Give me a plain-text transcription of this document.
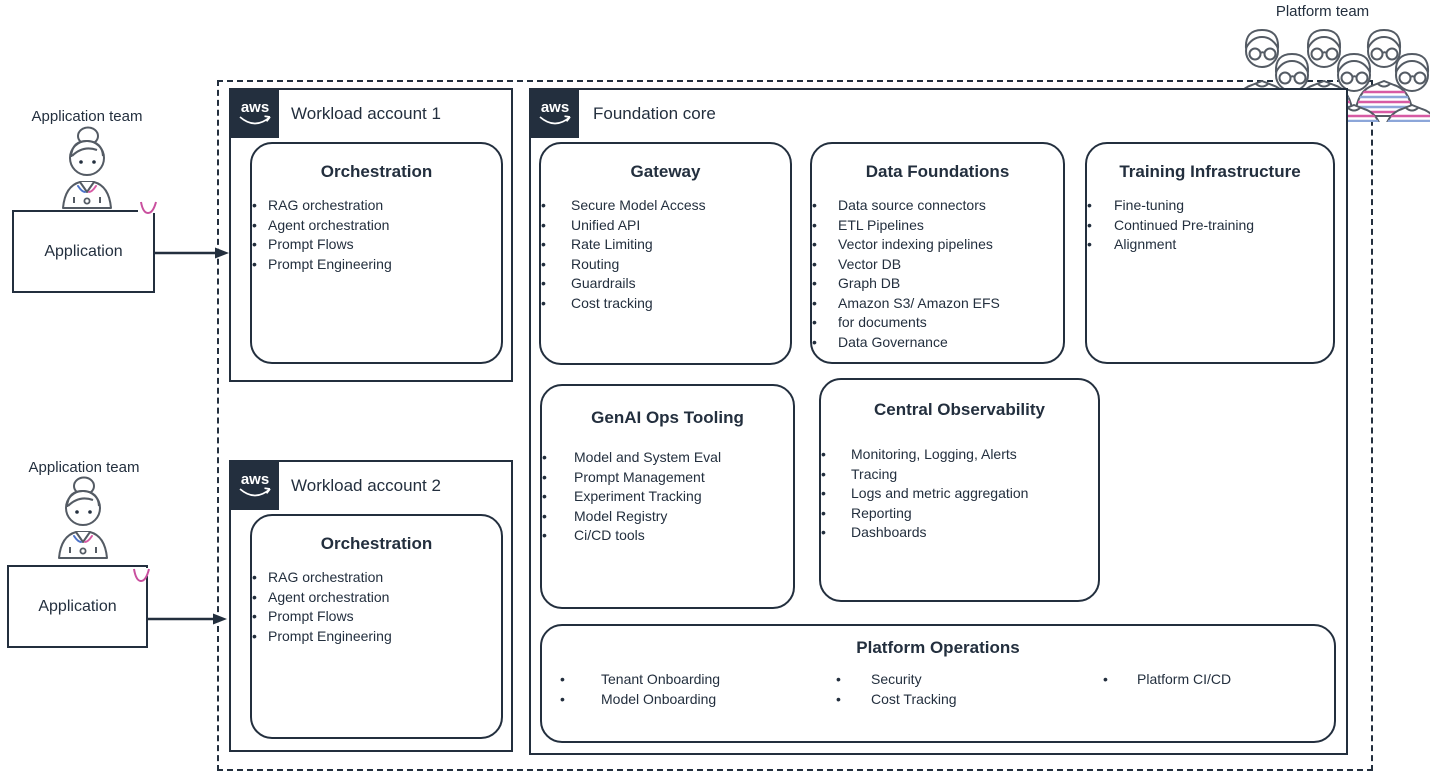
Platform team
Application team
Application
Application team
Application
aws Workload account 1
Orchestration
• RAG orchestration
• Agent orchestration
• Prompt Flows
• Prompt Engineering
aws Workload account 2
Orchestration
• RAG orchestration
• Agent orchestration
• Prompt Flows
• Prompt Engineering
aws Foundation core
Gateway
• Secure Model Access
• Unified API
• Rate Limiting
• Routing
• Guardrails
• Cost tracking
Data Foundations
• Data source connectors
• ETL Pipelines
• Vector indexing pipelines
• Vector DB
• Graph DB
• Amazon S3/ Amazon EFS
• for documents
• Data Governance
Training Infrastructure
• Fine-tuning
• Continued Pre-training
• Alignment
GenAI Ops Tooling
• Model and System Eval
• Prompt Management
• Experiment Tracking
• Model Registry
• Ci/CD tools
Central Observability
• Monitoring, Logging, Alerts
• Tracing
• Logs and metric aggregation
• Reporting
• Dashboards
Platform Operations
• Tenant Onboarding
• Model Onboarding
• Security
• Cost Tracking
• Platform CI/CD
